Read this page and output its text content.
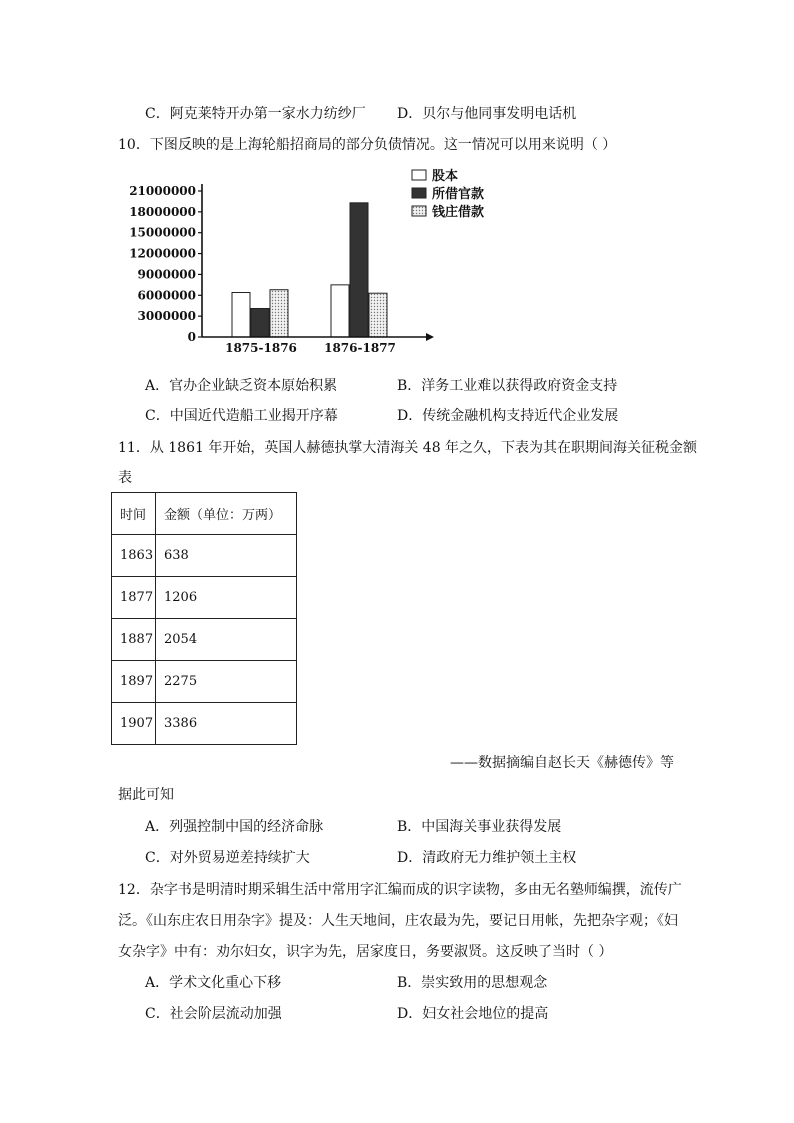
C．阿克莱特开办第一家水力纺纱厂 D．贝尔与他同事发明电话机
10．下图反映的是上海轮船招商局的部分负债情况。这一情况可以用来说明（ ）
21000000
18000000
15000000
12000000
9000000
6000000
3000000
0
1875-1876 1876-1877
股本
所借官款
钱庄借款
A．官办企业缺乏资本原始积累	B．洋务工业难以获得政府资金支持
C．中国近代造船工业揭开序幕	D．传统金融机构支持近代企业发展
11．从 1861 年开始，英国人赫德执掌大清海关 48 年之久，下表为其在职期间海关征税金额
表
时间	金额（单位：万两）
1863	638
1877	1206
1887	2054
1897	2275
1907	3386
——数据摘编自赵长天《赫德传》等
据此可知
A．列强控制中国的经济命脉	B．中国海关事业获得发展
C．对外贸易逆差持续扩大	D．清政府无力维护领土主权
12．杂字书是明清时期采辑生活中常用字汇编而成的识字读物，多由无名塾师编撰，流传广
泛。《山东庄农日用杂字》提及：人生天地间，庄农最为先，要记日用帐，先把杂字观；《妇
女杂字》中有：劝尔妇女，识字为先，居家度日，务要淑贤。这反映了当时（ ）
A．学术文化重心下移	B．崇实致用的思想观念
C．社会阶层流动加强	D．妇女社会地位的提高
